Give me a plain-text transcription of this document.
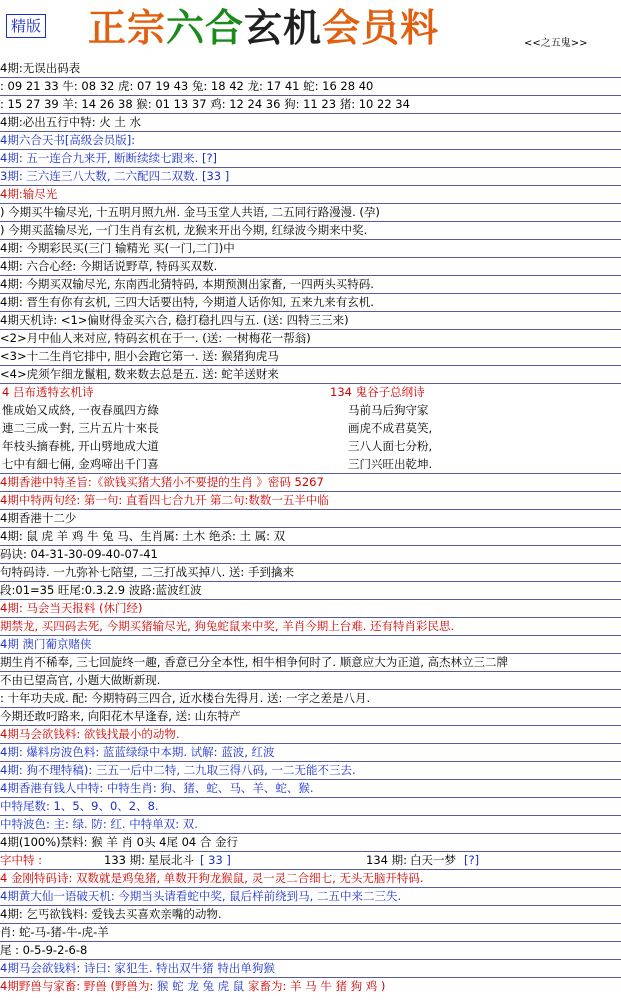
精版 正宗六合玄机会员料	<<之五鬼>>
4期:无误出码表
: 09 21 33 牛: 08 32 虎: 07 19 43 兔: 18 42 龙: 17 41 蛇: 16 28 40
: 15 27 39 羊: 14 26 38 猴: 01 13 37 鸡: 12 24 36 狗: 11 23 猪: 10 22 34
4期:必出五行中特: 火 土 水
4期六合天书[高级会员版]:
4期: 五一连合九来开, 断断续续七跟来. [?]
3期: 三六连三八大数, 二六配四二双数. [33 ]
4期:输尽光
) 今期买牛输尽光, 十五明月照九州. 金马玉堂人共语, 二五同行路漫漫. (孕)
) 今期买蓝输尽光, 一门生肖有玄机, 龙猴来开出今期, 红绿波今期来中奖.
4期: 今期彩民买(三门 输精光 买(一门,二门)中
4期: 六合心经: 今期话说野草, 特码买双数.
4期: 今期买双输尽光, 东南西北猜特码, 本期预测出家畜, 一四两头买特码.
4期: 晋生有你有玄机, 三四大话要出特, 今期道人话你知, 五来九来有玄机.
4期天机诗: <1>偏财得金买六合, 稳打稳扎四与五. (送: 四特三三来)
<2>月中仙人来对应, 特码玄机在于一. (送: 一树梅花一帮翁)
<3>十二生肖它排中, 胆小会跑它第一. 送: 猴猪狗虎马
<4>虎须乍细龙鬣粗, 数来数去总是五. 送: 蛇羊送财来
4 吕布透特玄机诗	134 鬼谷子总纲诗
惟成始又成終, 一夜春風四方綠	马前马后狗守家
連二三成一對, 三片五片十來長	画虎不成君莫笑,
年枝头摘春桃, 开山劈地成大道	三八人面七分粉,
七中有細七倆, 金鸡啼出千门喜	三门兴旺出乾坤.
4期香港中特圣旨:《欲钱买猪大猪小不要提的生肖 》密码 5267
4期中特两句经: 第一句: 直看四七合九开 第二句:数数一五半中临
4期香港十二少
4期: 鼠 虎 羊 鸡 牛 兔 马、生肖属: 土木 绝杀: 土 属: 双
码诀: 04-31-30-09-40-07-41
句特码诗. 一九弥补七陪望, 二三打战买掉八. 送: 手到擒来
段:01=35 旺尾:0.3.2.9 波路:蓝波红波
4期: 马会当天报料 (休门经)
期禁龙, 买四码去死, 今期买猪输尽光, 狗兔蛇鼠来中奖, 羊肖今期上台难. 还有特肖彩民思.
4期 澳门葡京赌侠
期生肖不稀奉, 三七回旋终一趣, 香意已分全本性, 相牛相争何时了. 顺意应大为正道, 高杰林立三二牌
不由已望高官, 小题大做断新现.
: 十年功夫成. 配: 今期特码三四合, 近水楼台先得月. 送: 一字之差是八月.
今期还敢叼路来, 向阳花木早逢春, 送: 山东特产
4期马会欲钱料: 欲钱找最小的动物.
4期: 爆料房波色料: 蓝蓝绿绿中本期. 试解: 蓝波, 红波
4期: 狗不理特稿): 三五一后中二特, 二九取三得八码, 一二无能不三去.
4期香港有钱人中特: 中特生肖: 狗、猪、蛇、马、羊、蛇、猴.
中特尾数: 1、5、9、0、2、8.
中特波色: 主: 绿. 防: 红. 中特单双: 双.
4期(100%)禁料: 猴 羊 肖 0头 4尾 04 合 金行
字中特 :	133 期: 星辰北斗 [ 33 ]	134 期: 白天一梦 [?]
4 金刚特码诗: 双数就是鸡兔猪, 单数开狗龙猴鼠, 灵一灵二合细七, 无头无脑开特码.
4期黄大仙一语破天机: 今期当头请看蛇中奖, 鼠后样前绕到马, 二五中来二三失.
4期: 乞丐欲钱料: 爱钱去买喜欢亲嘴的动物.
肖: 蛇-马-猪-牛-虎-羊
尾 : 0-5-9-2-6-8
4期马会欲钱料: 诗曰: 家犯生. 特出双牛猪 特出单狗猴
4期野兽与家畜: 野兽 (野兽为: 猴 蛇 龙 兔 虎 鼠 家畜为: 羊 马 牛 猪 狗 鸡 )
